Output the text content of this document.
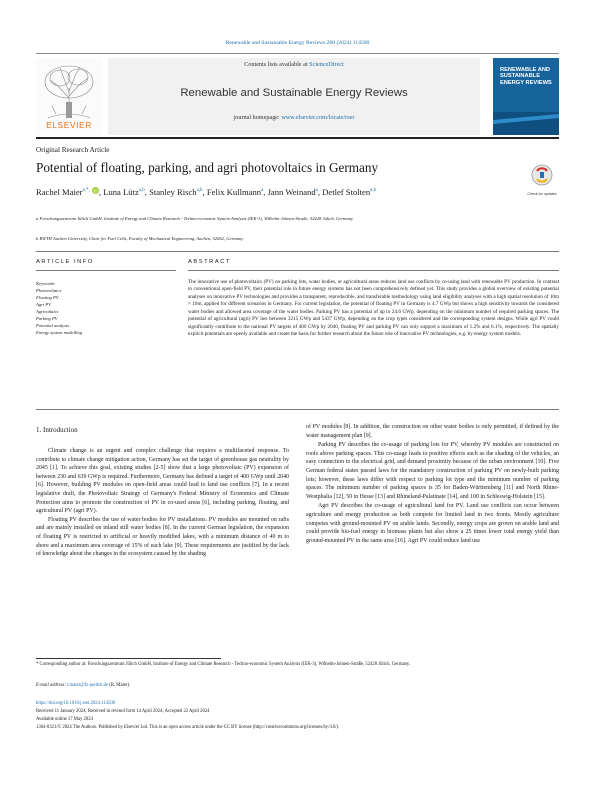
Renewable and Sustainable Energy Reviews 200 (2024) 114500
ELSEVIER
Contents lists available at ScienceDirect
Renewable and Sustainable Energy Reviews
journal homepage: www.elsevier.com/locate/rser
RENEWABLE AND SUSTAINABLE ENERGY REVIEWS
Original Research Article
Potential of floating, parking, and agri photovoltaics in Germany
Check for updates
Rachel Maier$^{a,*,}$ iD , Luna Lütz$^{a,b}$, Stanley Risch$^{a,b}$, Felix Kullmann$^a$, Jann Weinand$^a$, Detlef Stolten$^{a,b}$
a Forschungszentrum Jülich GmbH, Institute of Energy and Climate Research - Techno-economic System Analysis (IEK-3), Wilhelm-Johnen-Straße, 52428 Jülich, Germany
b RWTH Aachen University, Chair for Fuel Cells, Faculty of Mechanical Engineering, Aachen, 52062, Germany
ARTICLE INFO	ABSTRACT
Keywords:
Photovoltaics
Floating PV
Agri PV
Agrivoltaics
Parking PV
Potential analysis
Energy system modelling
The innovative use of photovoltaics (PV) on parking lots, water bodies, or agricultural areas reduces land use conflicts by co-using land with renewable PV production. In contrast to conventional open-field PV, their potential role in future energy systems has not been comprehensively defined yet. This study provides a global overview of existing potential analyses on innovative PV technologies and provides a transparent, reproducible, and transferable methodology using land eligibility analyses with a high spatial resolution of 10m × 10m, applied for different scenarios in Germany. For current legislation, the potential of floating PV in Germany is 4.7 GWp but shows a high sensitivity towards the considered water bodies and allowed area coverage of the water bodies. Parking PV has a potential of up to 24.6 GWp, depending on the minimum number of required parking spaces. The potential of agricultural (agri) PV lies between 3215 GWp and 5437 GWp, depending on the crop types considered and the corresponding system designs. While agri PV could significantly contribute to the national PV targets of 400 GWp by 2040, floating PV and parking PV can only support a maximum of 1.2% and 6.1%, respectively. The spatially explicit potentials are openly available and create the basis for further research about the future role of innovative PV technologies, e.g. by energy system models.
1. Introduction

Climate change is an urgent and complex challenge that requires a multifaceted response. To contribute to climate change mitigation action, Germany has set the target of greenhouse gas neutrality by 2045 [1]. To achieve this goal, existing studies [2-5] show that a large photovoltaic (PV) expansion of between 230 and 639 GWp is required. Furthermore, Germany has defined a target of 400 GWp until 2040 [6]. However, building PV modules on open-field areas could lead to land use conflicts [7]. In a recent legislative draft, the Photovoltaic Strategy of Germany's Federal Ministry of Economics and Climate Protection aims to promote the construction of PV in co-used areas [6], including parking, floating, and agricultural PV (agri PV).

Floating PV describes the use of water bodies for PV installations. PV modules are mounted on rafts and are mainly installed on inland still water bodies [8]. In the current German legislation, the expansion of floating PV is restricted to artificial or heavily modified lakes, with a minimum distance of 40 m to shore and a maximum area coverage of 15% of each lake [9]. These requirements are justified by the lack of knowledge about the changes in the ecosystem caused by the shading

of PV modules [9]. In addition, the construction on other water bodies is only permitted, if defined by the water management plan [9].

Parking PV describes the co-usage of parking lots for PV, whereby PV modules are constructed on roofs above parking spaces. This co-usage leads to positive effects such as the shading of the vehicles, an easy connection to the electrical grid, and demand proximity because of the urban environment [10]. Five German federal states passed laws for the mandatory construction of parking PV on newly-built parking lots; however, these laws differ with respect to parking lot type and the minimum number of parking spaces. The minimum number of parking spaces is 35 for Baden-Württemberg [11] and North Rhine-Westphalia [12], 50 in Hesse [13] and Rhineland-Palatinate [14], and 100 in Schleswig-Holstein [15].

Agri PV describes the co-usage of agricultural land for PV. Land use conflicts can occur between agriculture and energy production as both compete for limited land in two fronts. Mostly agriculture competes with ground-mounted PV on arable lands. Secondly, energy crops are grown on arable land and could provide bio-fuel energy in biomass plants but also show a 25 times lower total energy yield than ground-mounted PV in the same area [16]. Agri PV could reduce land use

* Corresponding author at: Forschungszentrum Jülich GmbH, Institute of Energy and Climate Research - Techno-economic System Analysis (IEK-3), Wilhelm-Johnen-Straße, 52428 Jülich, Germany.
E-mail address: r.maier@fz-juelich.de (R. Maier).
https://doi.org/10.1016/j.rser.2024.114500
Received 11 January 2024; Received in revised form 14 April 2024; Accepted 22 April 2024
Available online 17 May 2024
1364-0321/© 2024 The Authors. Published by Elsevier Ltd. This is an open access article under the CC BY license (http://creativecommons.org/licenses/by/4.0/).
